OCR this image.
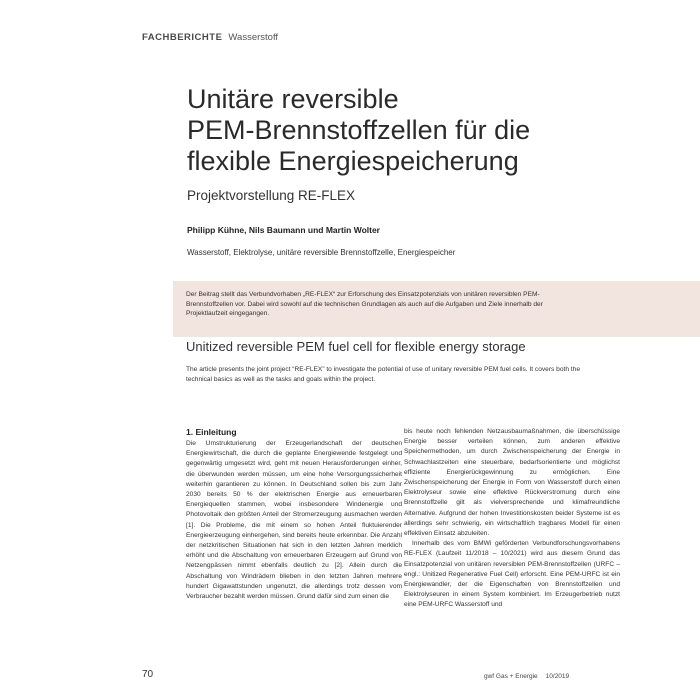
FACHBERICHTE Wasserstoff
Unitäre reversible
PEM-Brennstoffzellen für die
flexible Energiespeicherung
Projektvorstellung RE-FLEX
Philipp Kühne, Nils Baumann und Martin Wolter
Wasserstoff, Elektrolyse, unitäre reversible Brennstoffzelle, Energiespeicher

Der Beitrag stellt das Verbundvorhaben „RE-FLEX“ zur Erforschung des Einsatzpotenzials von unitären reversiblen PEM-Brennstoffzellen vor. Dabei wird sowohl auf die technischen Grundlagen als auch auf die Aufgaben und Ziele innerhalb der Projektlaufzeit eingegangen.

Unitized reversible PEM fuel cell for flexible energy storage

The article presents the joint project “RE-FLEX” to investigate the potential of use of unitary reversible PEM fuel cells. It covers both the technical basics as well as the tasks and goals within the project.

1. Einleitung

Die Umstrukturierung der Erzeugerlandschaft der deutschen Energiewirtschaft, die durch die geplante Energiewende festgelegt und gegenwärtig umgesetzt wird, geht mit neuen Herausforderungen einher, die überwunden werden müssen, um eine hohe Versorgungssicherheit weiterhin garantieren zu können. In Deutschland sollen bis zum Jahr 2030 bereits 50 % der elektrischen Energie aus erneuerbaren Energiequellen stammen, wobei insbesondere Windenergie und Photovoltaik den größten Anteil der Stromerzeugung ausmachen werden [1]. Die Probleme, die mit einem so hohen Anteil fluktuierender Energieerzeugung einhergehen, sind bereits heute erkennbar. Die Anzahl der netzkritischen Situationen hat sich in den letzten Jahren merklich erhöht und die Abschaltung von erneuerbaren Erzeugern auf Grund von Netzengpässen nimmt ebenfalls deutlich zu [2]. Allein durch die Abschaltung von Windrädern blieben in den letzten Jahren mehrere hundert Gigawattstunden ungenutzt, die allerdings trotz dessen vom Verbraucher bezahlt werden müssen. Grund dafür sind zum einen die

bis heute noch fehlenden Netzausbaumaßnahmen, die überschüssige Energie besser verteilen können, zum anderen effektive Speichermethoden, um durch Zwischenspeicherung der Energie in Schwachlastzeiten eine steuerbare, bedarfsorientierte und möglichst effiziente Energierückgewinnung zu ermöglichen. Eine Zwischenspeicherung der Energie in Form von Wasserstoff durch einen Elektrolyseur sowie eine effektive Rückverstromung durch eine Brennstoffzelle gilt als vielversprechende und klimafreundliche Alternative. Aufgrund der hohen Investitionskosten beider Systeme ist es allerdings sehr schwierig, ein wirtschaftlich tragbares Modell für einen effektiven Einsatz abzuleiten.

Innerhalb des vom BMWi geförderten Verbundforschungsvorhabens RE-FLEX (Laufzeit 11/2018 – 10/2021) wird aus diesem Grund das Einsatzpotenzial von unitären reversiblen PEM-Brennstoffzellen (URFC – engl.: Unitized Regenerative Fuel Cell) erforscht. Eine PEM-URFC ist ein Energiewandler, der die Eigenschaften von Brennstoffzellen und Elektrolyseuren in einem System kombiniert. Im Erzeugerbetrieb nutzt eine PEM-URFC Wasserstoff und

70	gwf Gas + Energie 10/2019
